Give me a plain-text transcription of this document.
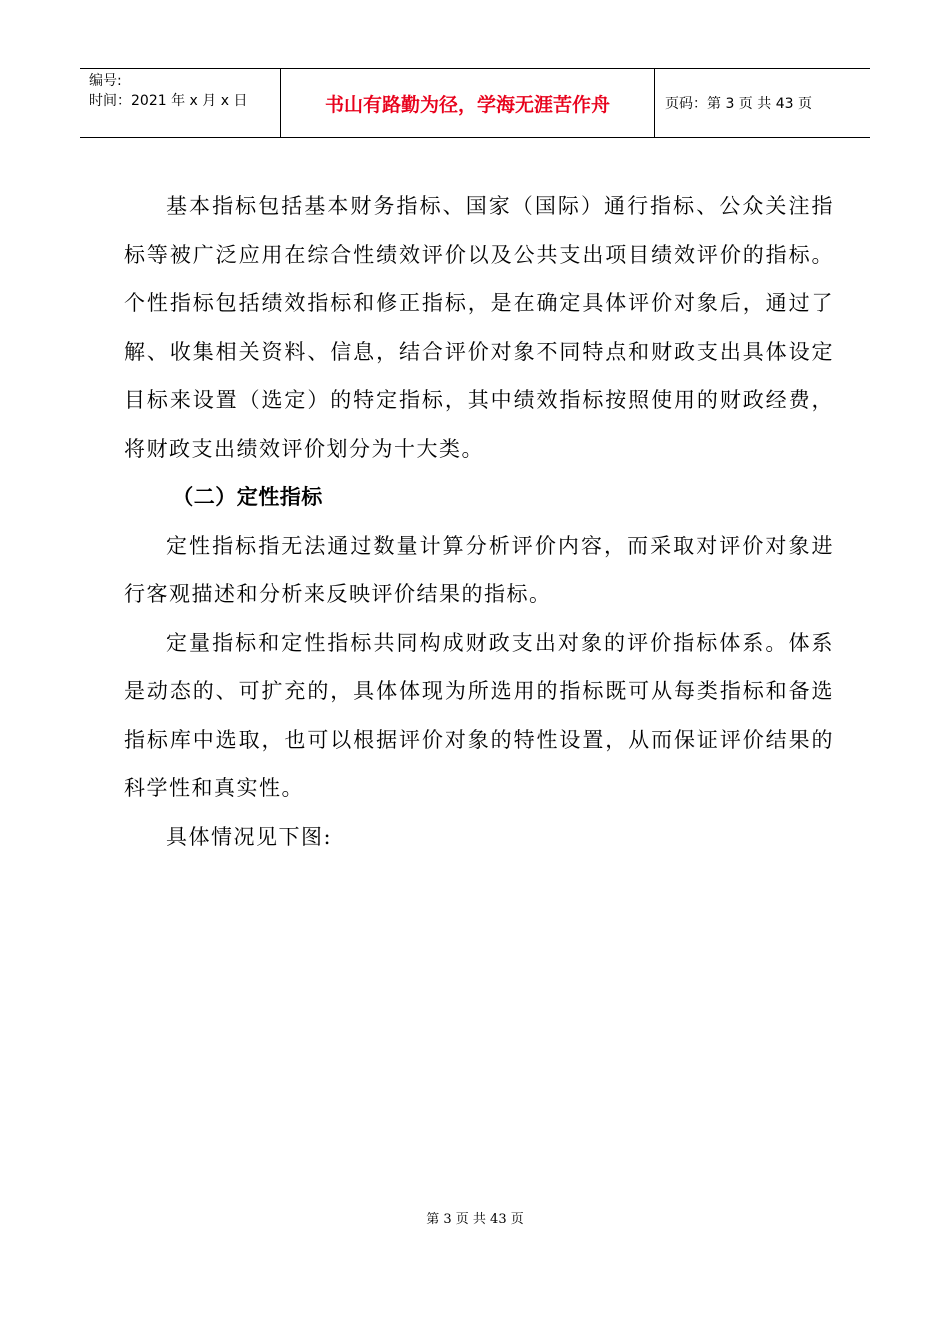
编号:
时间：2021 年 x 月 x 日	书山有路勤为径，学海无涯苦作舟	页码：第 3 页 共 43 页

基本指标包括基本财务指标、国家（国际）通行指标、公众关注指标等被广泛应用在综合性绩效评价以及公共支出项目绩效评价的指标。个性指标包括绩效指标和修正指标，是在确定具体评价对象后，通过了解、收集相关资料、信息，结合评价对象不同特点和财政支出具体设定目标来设置（选定）的特定指标，其中绩效指标按照使用的财政经费，将财政支出绩效评价划分为十大类。

（二）定性指标

定性指标指无法通过数量计算分析评价内容，而采取对评价对象进行客观描述和分析来反映评价结果的指标。

定量指标和定性指标共同构成财政支出对象的评价指标体系。体系是动态的、可扩充的，具体体现为所选用的指标既可从每类指标和备选指标库中选取，也可以根据评价对象的特性设置，从而保证评价结果的科学性和真实性。

具体情况见下图:

第 3 页 共 43 页
